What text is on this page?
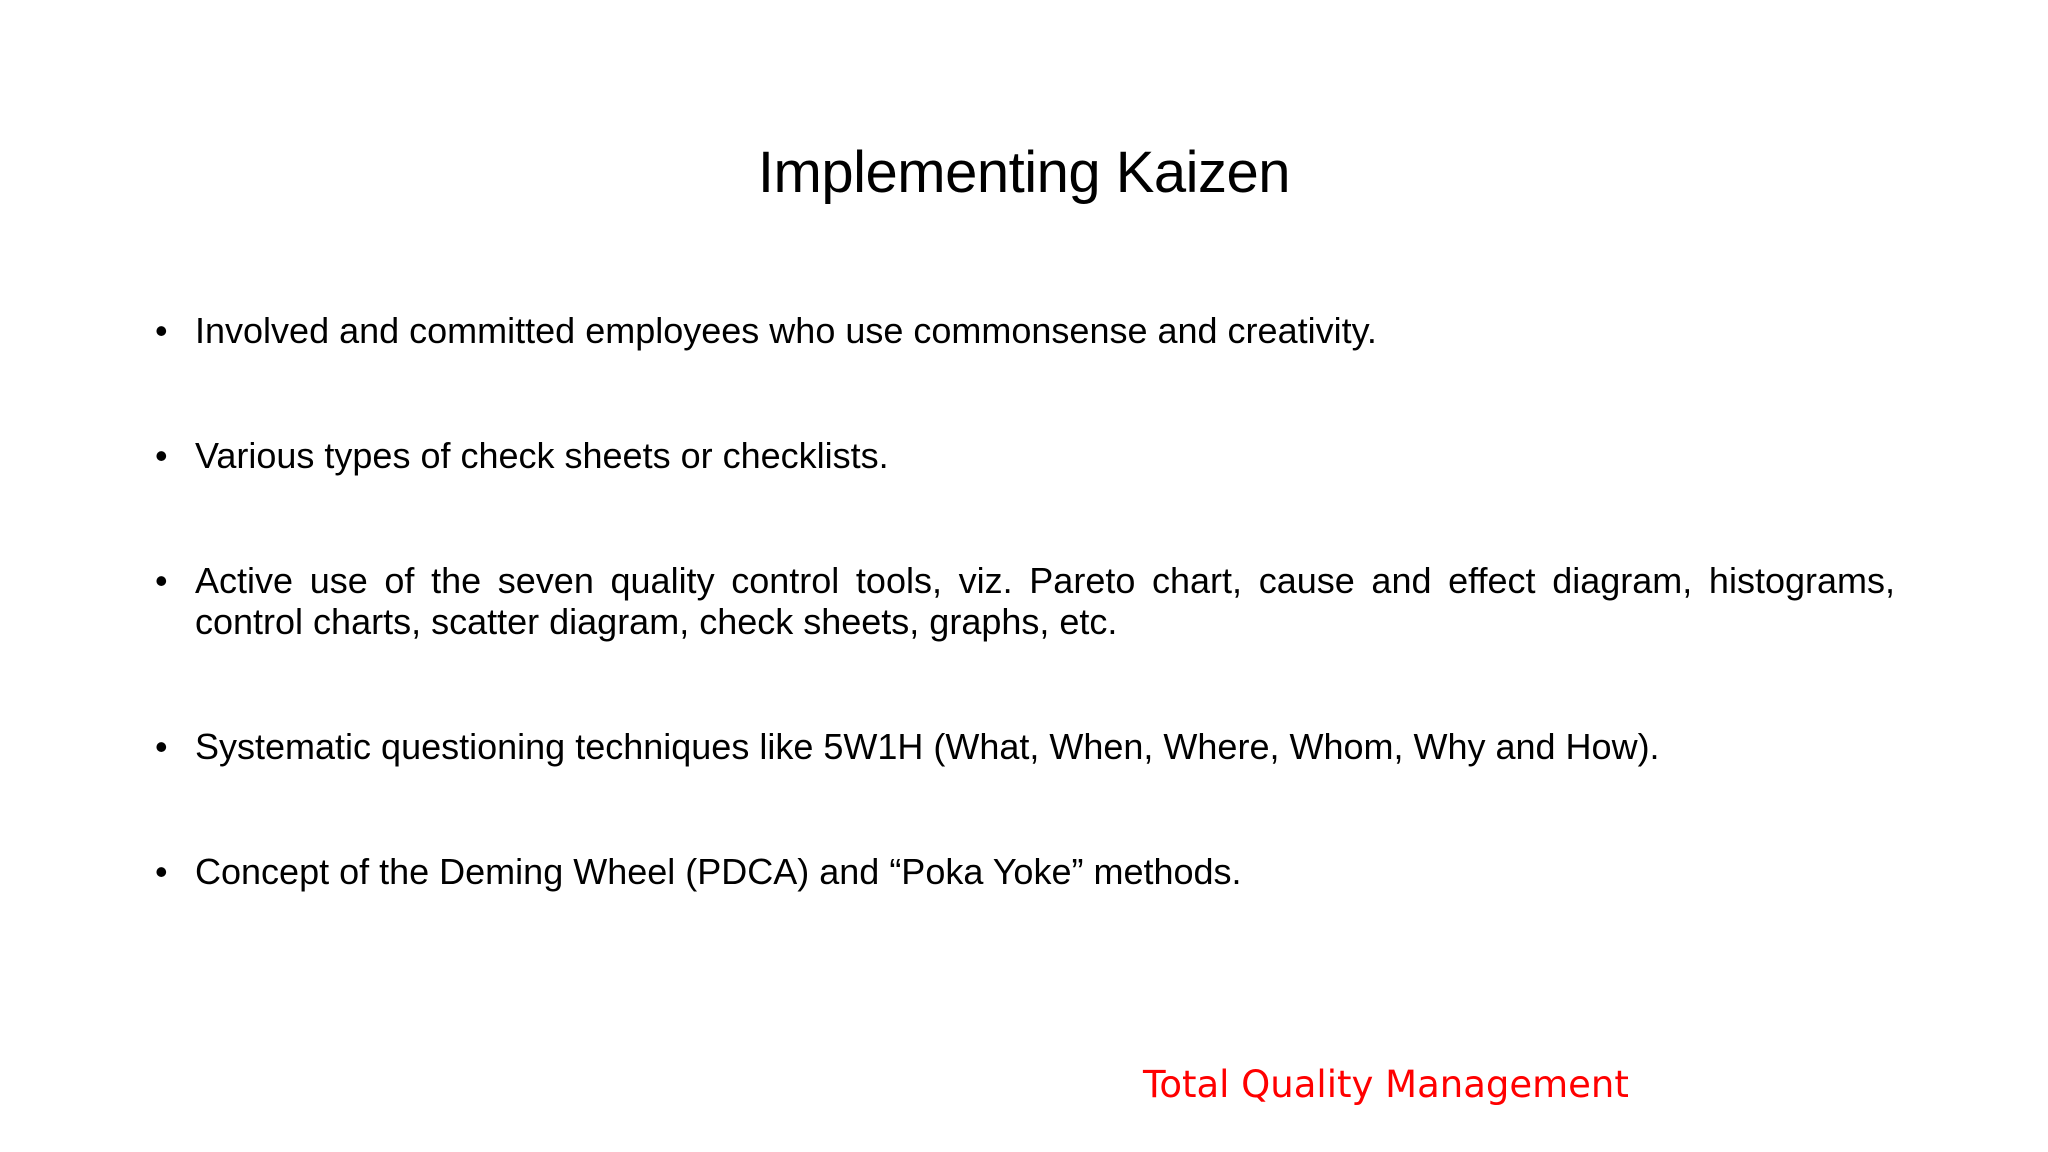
Implementing Kaizen
• Involved and committed employees who use commonsense and creativity.
• Various types of check sheets or checklists.
• Active use of the seven quality control tools, viz. Pareto chart, cause and effect diagram, histograms, control charts, scatter diagram, check sheets, graphs, etc.
• Systematic questioning techniques like 5W1H (What, When, Where, Whom, Why and How).
• Concept of the Deming Wheel (PDCA) and “Poka Yoke” methods.
Total Quality Management
